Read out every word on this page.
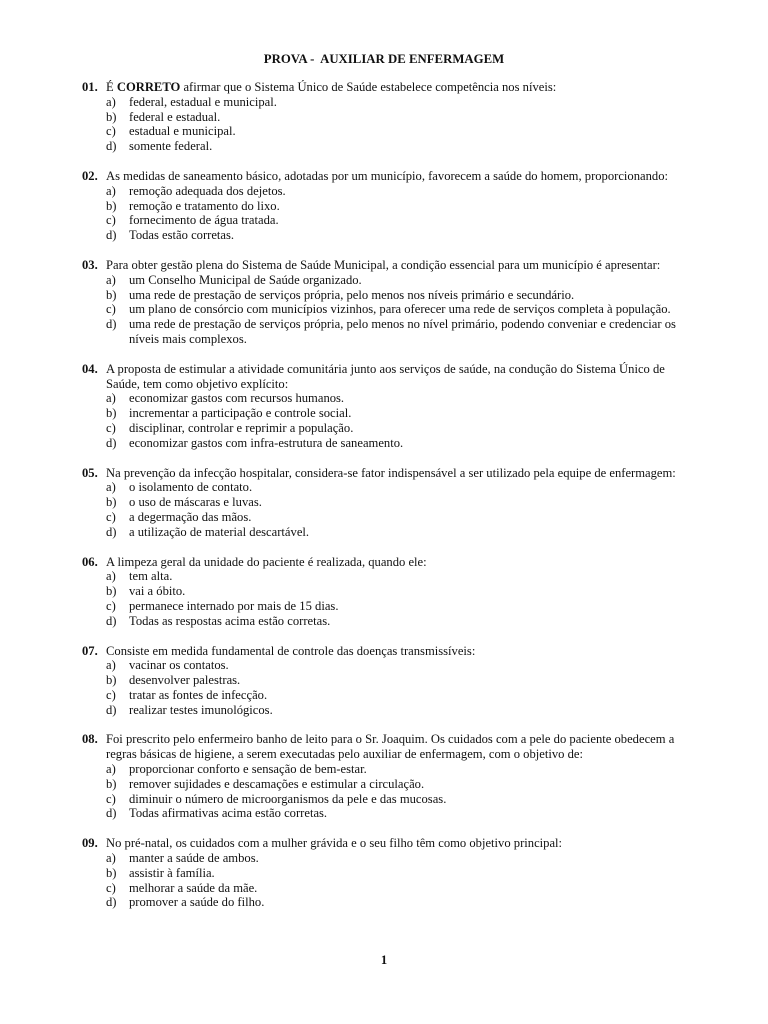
PROVA -  AUXILIAR DE ENFERMAGEM
01. É CORRETO afirmar que o Sistema Único de Saúde estabelece competência nos níveis:
a) federal, estadual e municipal.
b) federal e estadual.
c) estadual e municipal.
d) somente federal.
02. As medidas de saneamento básico, adotadas por um município, favorecem a saúde do homem, proporcionando:
a) remoção adequada dos dejetos.
b) remoção e tratamento do lixo.
c) fornecimento de água tratada.
d) Todas estão corretas.
03. Para obter gestão plena do Sistema de Saúde Municipal, a condição essencial para um município é apresentar:
a) um Conselho Municipal de Saúde organizado.
b) uma rede de prestação de serviços própria, pelo menos nos níveis primário e secundário.
c) um plano de consórcio com municípios vizinhos, para oferecer uma rede de serviços completa à população.
d) uma rede de prestação de serviços própria, pelo menos no nível primário, podendo conveniar e credenciar os níveis mais complexos.
04. A proposta de estimular a atividade comunitária junto aos serviços de saúde, na condução do Sistema Único de Saúde, tem como objetivo explícito:
a) economizar gastos com recursos humanos.
b) incrementar a participação e controle social.
c) disciplinar, controlar e reprimir a população.
d) economizar gastos com infra-estrutura de saneamento.
05. Na prevenção da infecção hospitalar, considera-se fator indispensável a ser utilizado pela equipe de enfermagem:
a) o isolamento de contato.
b) o uso de máscaras e luvas.
c) a degermação das mãos.
d) a utilização de material descartável.
06. A limpeza geral da unidade do paciente é realizada, quando ele:
a) tem alta.
b) vai a óbito.
c) permanece internado por mais de 15 dias.
d) Todas as respostas acima estão corretas.
07. Consiste em medida fundamental de controle das doenças transmissíveis:
a) vacinar os contatos.
b) desenvolver palestras.
c) tratar as fontes de infecção.
d) realizar testes imunológicos.
08. Foi prescrito pelo enfermeiro banho de leito para o Sr. Joaquim. Os cuidados com a pele do paciente obedecem a regras básicas de higiene, a serem executadas pelo auxiliar de enfermagem, com o objetivo de:
a) proporcionar conforto e sensação de bem-estar.
b) remover sujidades e descamações e estimular a circulação.
c) diminuir o número de microorganismos da pele e das mucosas.
d) Todas afirmativas acima estão corretas.
09. No pré-natal, os cuidados com a mulher grávida e o seu filho têm como objetivo principal:
a) manter a saúde de ambos.
b) assistir à família.
c) melhorar a saúde da mãe.
d) promover a saúde do filho.
1
